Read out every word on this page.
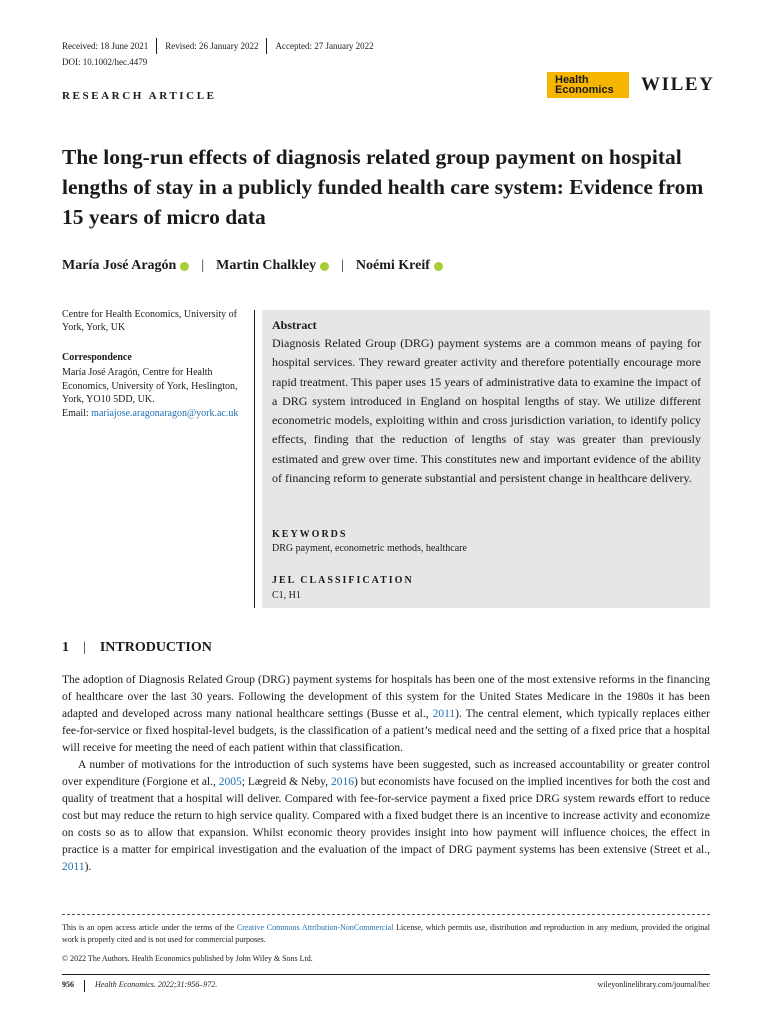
Received: 18 June 2021	Revised: 26 January 2022	Accepted: 27 January 2022
DOI: 10.1002/hec.4479
RESEARCH ARTICLE
Health
Economics	WILEY
The long-run effects of diagnosis related group payment on hospital lengths of stay in a publicly funded health care system: Evidence from 15 years of micro data
María José Aragón | Martin Chalkley | Noémi Kreif
Centre for Health Economics, University of York, York, UK
Correspondence
María José Aragón, Centre for Health Economics, University of York, Heslington, York, YO10 5DD, UK.
Email: mariajose.aragonaragon@york.ac.uk
Abstract
Diagnosis Related Group (DRG) payment systems are a common means of paying for hospital services. They reward greater activity and therefore potentially encourage more rapid treatment. This paper uses 15 years of administrative data to examine the impact of a DRG system introduced in England on hospital lengths of stay. We utilize different econometric models, exploiting within and cross jurisdiction variation, to identify policy effects, finding that the reduction of lengths of stay was greater than previously estimated and grew over time. This constitutes new and important evidence of the ability of financing reform to generate substantial and persistent change in healthcare delivery.
KEYWORDS
DRG payment, econometric methods, healthcare
JEL CLASSIFICATION
C1, H1
1 | INTRODUCTION

The adoption of Diagnosis Related Group (DRG) payment systems for hospitals has been one of the most extensive reforms in the financing of healthcare over the last 30 years. Following the development of this system for the United States Medicare in the 1980s it has been adapted and developed across many national healthcare settings (Busse et al., 2011). The central element, which typically replaces either fee-for-service or fixed hospital-level budgets, is the classification of a patient’s medical need and the setting of a fixed price that a hospital will receive for meeting the need of each patient within that classification.

A number of motivations for the introduction of such systems have been suggested, such as increased accountability or greater control over expenditure (Forgione et al., 2005; Lægreid & Neby, 2016) but economists have focused on the implied incentives for both the cost and quality of treatment that a hospital will deliver. Compared with fee-for-service payment a fixed price DRG system rewards effort to reduce cost but may reduce the return to high service quality. Compared with a fixed budget there is an incentive to increase activity and economize on costs so as to allow that expansion. Whilst economic theory provides insight into how payment will influence choices, the effect in practice is a matter for empirical investigation and the evaluation of the impact of DRG payment systems has been extensive (Street et al., 2011).

This is an open access article under the terms of the Creative Commons Attribution-NonCommercial License, which permits use, distribution and reproduction in any medium, provided the original work is properly cited and is not used for commercial purposes.
© 2022 The Authors. Health Economics published by John Wiley & Sons Ltd.
956	Health Economics. 2022;31:956–972.	wileyonlinelibrary.com/journal/hec
